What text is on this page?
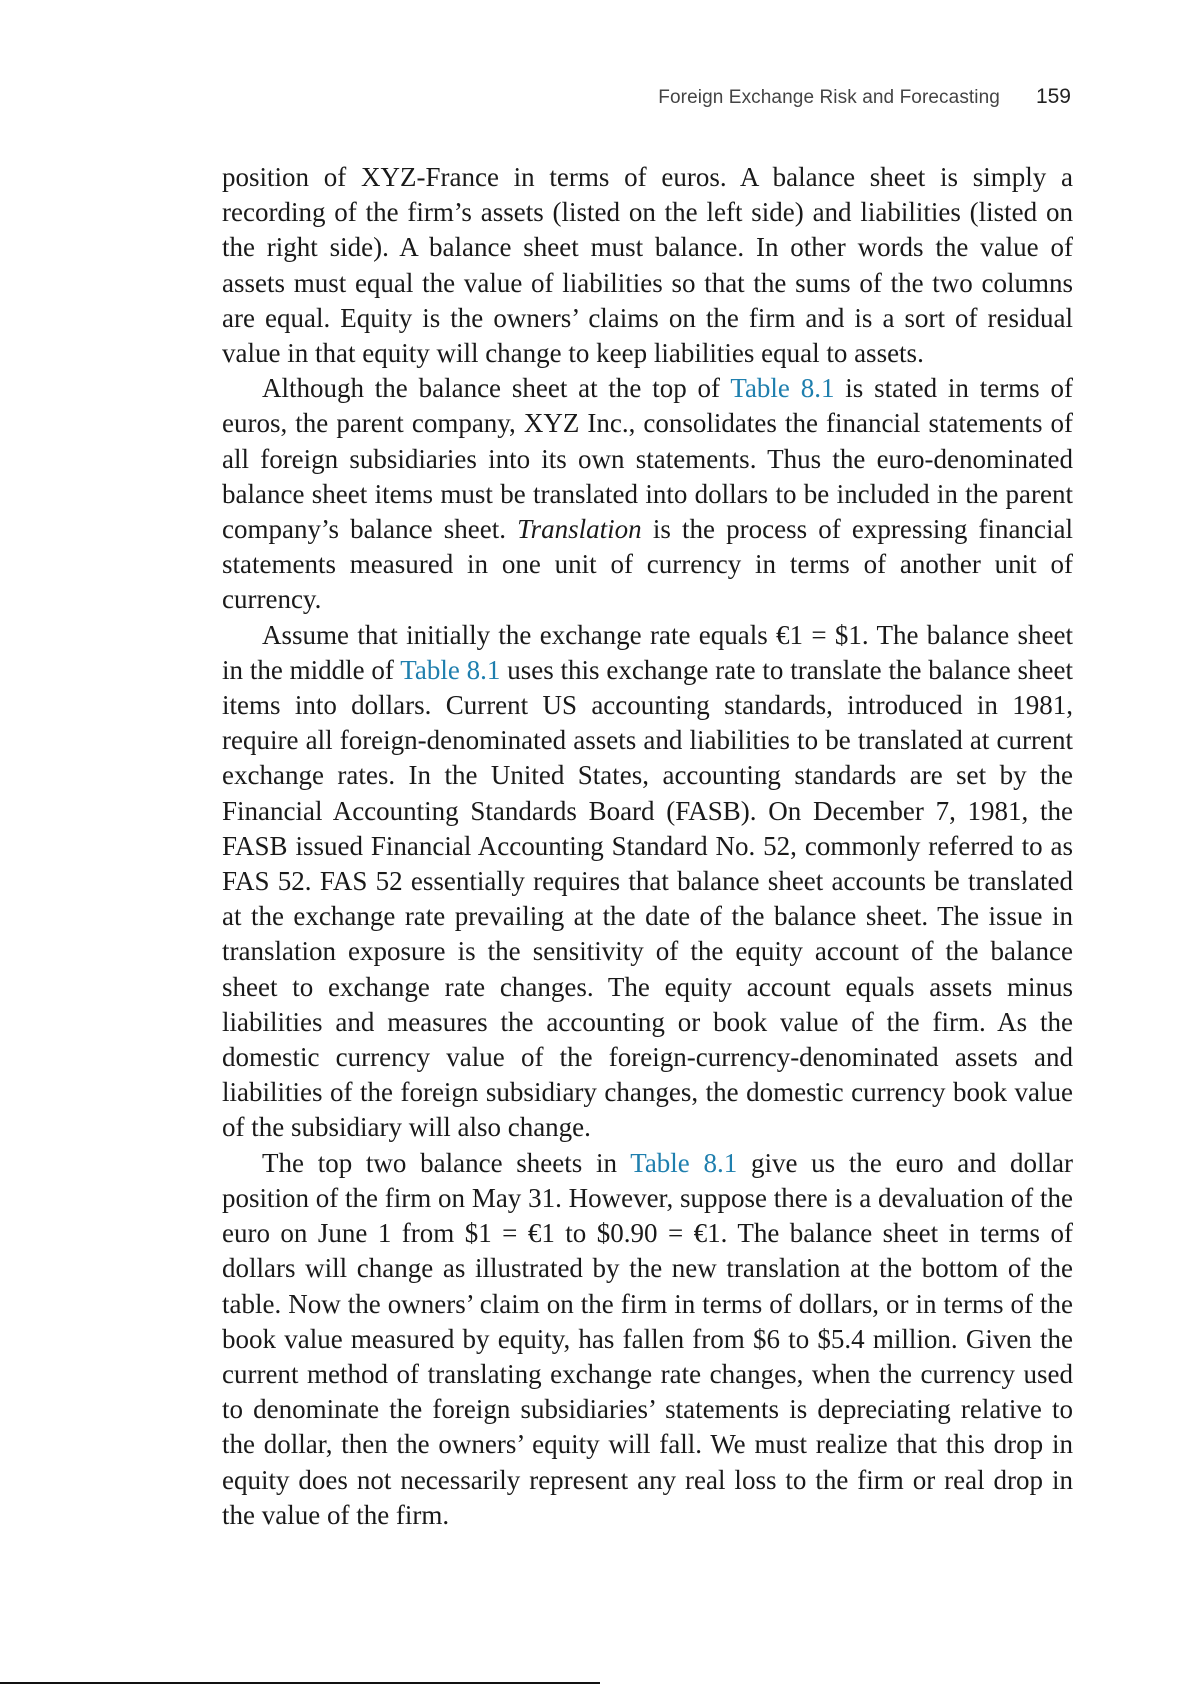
Foreign Exchange Risk and Forecasting 159

position of XYZ-France in terms of euros. A balance sheet is simply a recording of the firm’s assets (listed on the left side) and liabilities (listed on the right side). A balance sheet must balance. In other words the value of assets must equal the value of liabilities so that the sums of the two columns are equal. Equity is the owners’ claims on the firm and is a sort of residual value in that equity will change to keep liabilities equal to assets.

Although the balance sheet at the top of Table 8.1 is stated in terms of euros, the parent company, XYZ Inc., consolidates the financial statements of all foreign subsidiaries into its own statements. Thus the euro-denominated balance sheet items must be translated into dollars to be included in the parent company’s balance sheet. Translation is the process of expressing financial statements measured in one unit of currency in terms of another unit of currency.

Assume that initially the exchange rate equals €1 = $1. The balance sheet in the middle of Table 8.1 uses this exchange rate to translate the balance sheet items into dollars. Current US accounting standards, introduced in 1981, require all foreign-denominated assets and liabilities to be translated at current exchange rates. In the United States, accounting standards are set by the Financial Accounting Standards Board (FASB). On December 7, 1981, the FASB issued Financial Accounting Standard No. 52, commonly referred to as FAS 52. FAS 52 essentially requires that balance sheet accounts be translated at the exchange rate prevailing at the date of the balance sheet. The issue in translation exposure is the sensitivity of the equity account of the balance sheet to exchange rate changes. The equity account equals assets minus liabilities and measures the accounting or book value of the firm. As the domestic currency value of the foreign-currency-denominated assets and liabilities of the foreign subsidiary changes, the domestic currency book value of the subsidiary will also change.

The top two balance sheets in Table 8.1 give us the euro and dollar position of the firm on May 31. However, suppose there is a devaluation of the euro on June 1 from $1 = €1 to $0.90 = €1. The balance sheet in terms of dollars will change as illustrated by the new translation at the bottom of the table. Now the owners’ claim on the firm in terms of dollars, or in terms of the book value measured by equity, has fallen from $6 to $5.4 million. Given the current method of translating exchange rate changes, when the currency used to denominate the foreign subsidiaries’ statements is depreciating relative to the dollar, then the owners’ equity will fall. We must realize that this drop in equity does not necessarily represent any real loss to the firm or real drop in the value of the firm.
